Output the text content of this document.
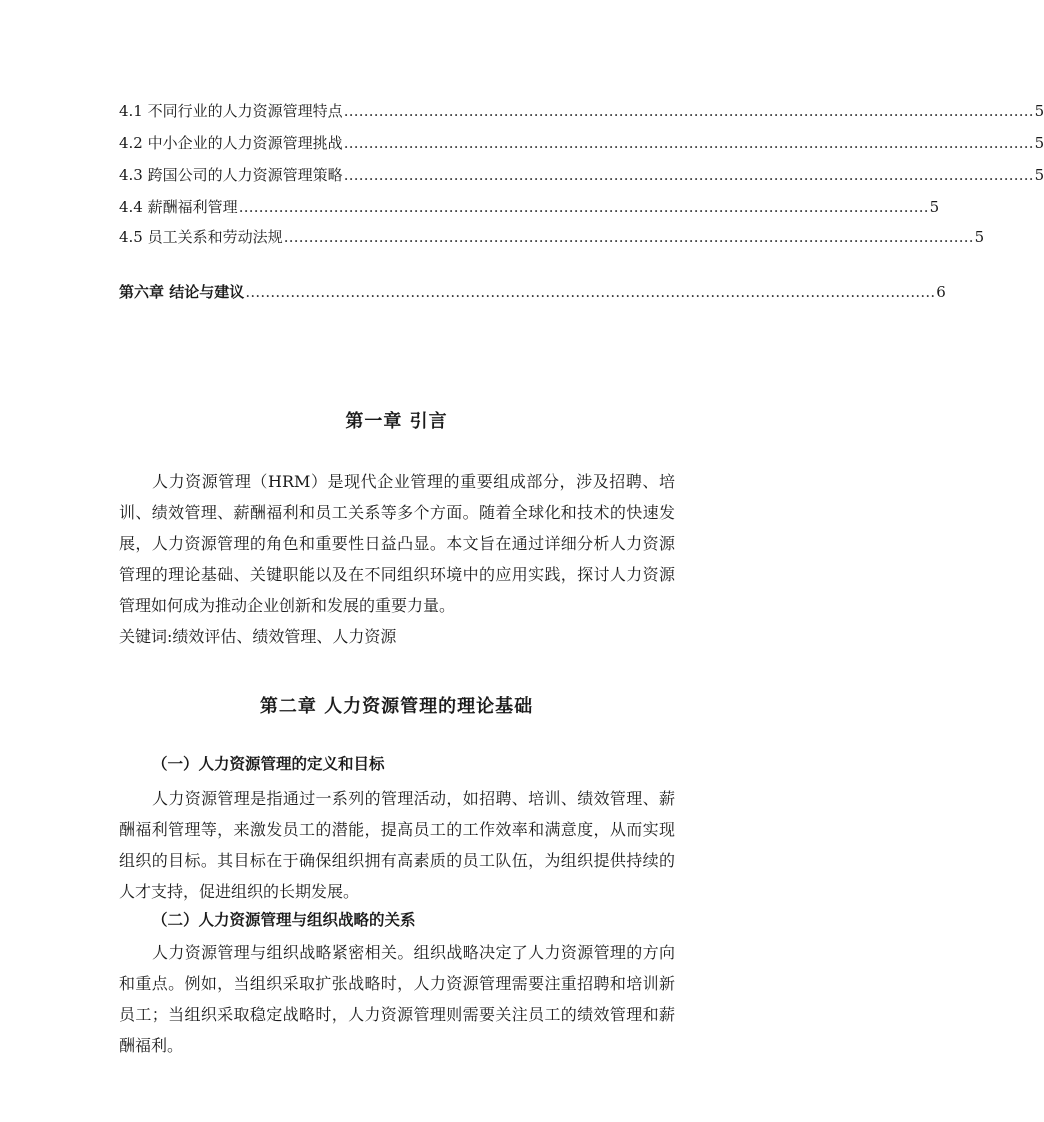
4.1 不同行业的人力资源管理特点 ………………………………………………………………………………………………………………………… 5
4.2 中小企业的人力资源管理挑战 ………………………………………………………………………………………………………………………… 5
4.3 跨国公司的人力资源管理策略 ………………………………………………………………………………………………………………………… 5
4.4 薪酬福利管理 ………………………………………………………………………………………………………………………… 5
4.5 员工关系和劳动法规 ………………………………………………………………………………………………………………………… 5
第六章 结论与建议 ………………………………………………………………………………………………………………………… 6
第一章 引言

人力资源管理（HRM）是现代企业管理的重要组成部分，涉及招聘、培训、绩效管理、薪酬福利和员工关系等多个方面。随着全球化和技术的快速发展，人力资源管理的角色和重要性日益凸显。本文旨在通过详细分析人力资源管理的理论基础、关键职能以及在不同组织环境中的应用实践，探讨人力资源管理如何成为推动企业创新和发展的重要力量。

关键词:绩效评估、绩效管理、人力资源

第二章 人力资源管理的理论基础
（一）人力资源管理的定义和目标

人力资源管理是指通过一系列的管理活动，如招聘、培训、绩效管理、薪酬福利管理等，来激发员工的潜能，提高员工的工作效率和满意度，从而实现组织的目标。其目标在于确保组织拥有高素质的员工队伍，为组织提供持续的人才支持，促进组织的长期发展。

（二）人力资源管理与组织战略的关系

人力资源管理与组织战略紧密相关。组织战略决定了人力资源管理的方向和重点。例如，当组织采取扩张战略时，人力资源管理需要注重招聘和培训新员工；当组织采取稳定战略时，人力资源管理则需要关注员工的绩效管理和薪酬福利。
